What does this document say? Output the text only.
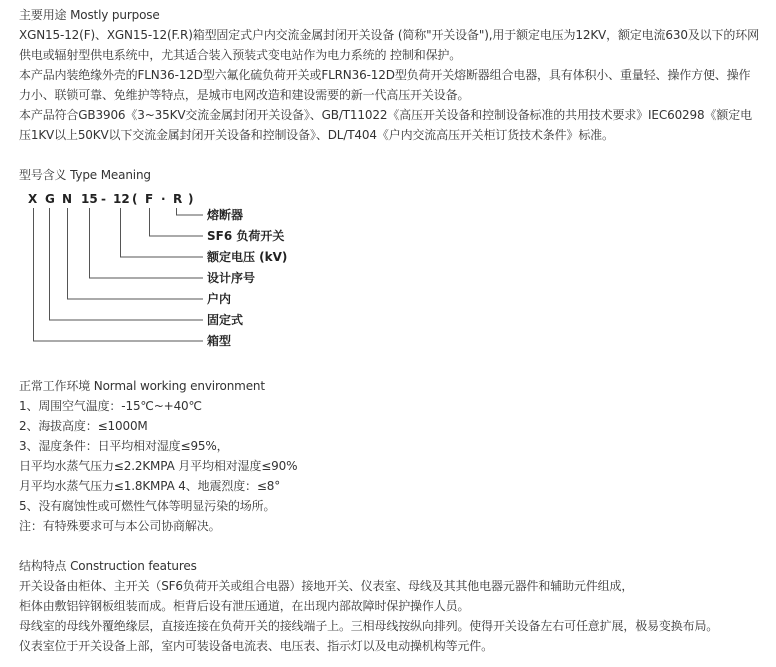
主要用途 Mostly purpose
XGN15-12(F)、XGN15-12(F.R)箱型固定式户内交流金属封闭开关设备 (简称"开关设备"),用于额定电压为12KV，额定电流630及以下的环网
供电或辐射型供电系统中，尤其适合装入预装式变电站作为电力系统的 控制和保护。
本产品内装绝缘外壳的FLN36-12D型六氟化硫负荷开关或FLRN36-12D型负荷开关熔断器组合电器，具有体积小、重量轻、操作方便、操作
力小、联锁可靠、免维护等特点，是城市电网改造和建设需要的新一代高压开关设备。
本产品符合GB3906《3~35KV交流金属封闭开关设备》、GB/T11022《高压开关设备和控制设备标准的共用技术要求》IEC60298《额定电
压1KV以上50KV以下交流金属封闭开关设备和控制设备》、DL/T404《户内交流高压开关柜订货技术条件》标准。
型号含义 Type Meaning
X G N 15 - 12 ( F · R )
熔断器
SF6 负荷开关
额定电压 (kV)
设计序号
户内
固定式
箱型
正常工作环境 Normal working environment
1、周围空气温度：-15℃~+40℃
2、海拔高度：≤1000M
3、湿度条件：日平均相对湿度≤95%，
日平均水蒸气压力≤2.2KMPA 月平均相对湿度≤90%
月平均水蒸气压力≤1.8KMPA 4、地震烈度：≤8°
5、没有腐蚀性或可燃性气体等明显污染的场所。
注：有特殊要求可与本公司协商解决。
结构特点 Construction features
开关设备由柜体、主开关（SF6负荷开关或组合电器）接地开关、仪表室、母线及其其他电器元器件和辅助元件组成，
柜体由敷铝锌钢板组装而成。柜背后设有泄压通道，在出现内部故障时保护操作人员。
母线室的母线外覆绝缘层，直接连接在负荷开关的接线端子上。三相母线按纵向排列。使得开关设备左右可任意扩展，极易变换布局。
仪表室位于开关设备上部，室内可装设备电流表、电压表、指示灯以及电动操机构等元件。
